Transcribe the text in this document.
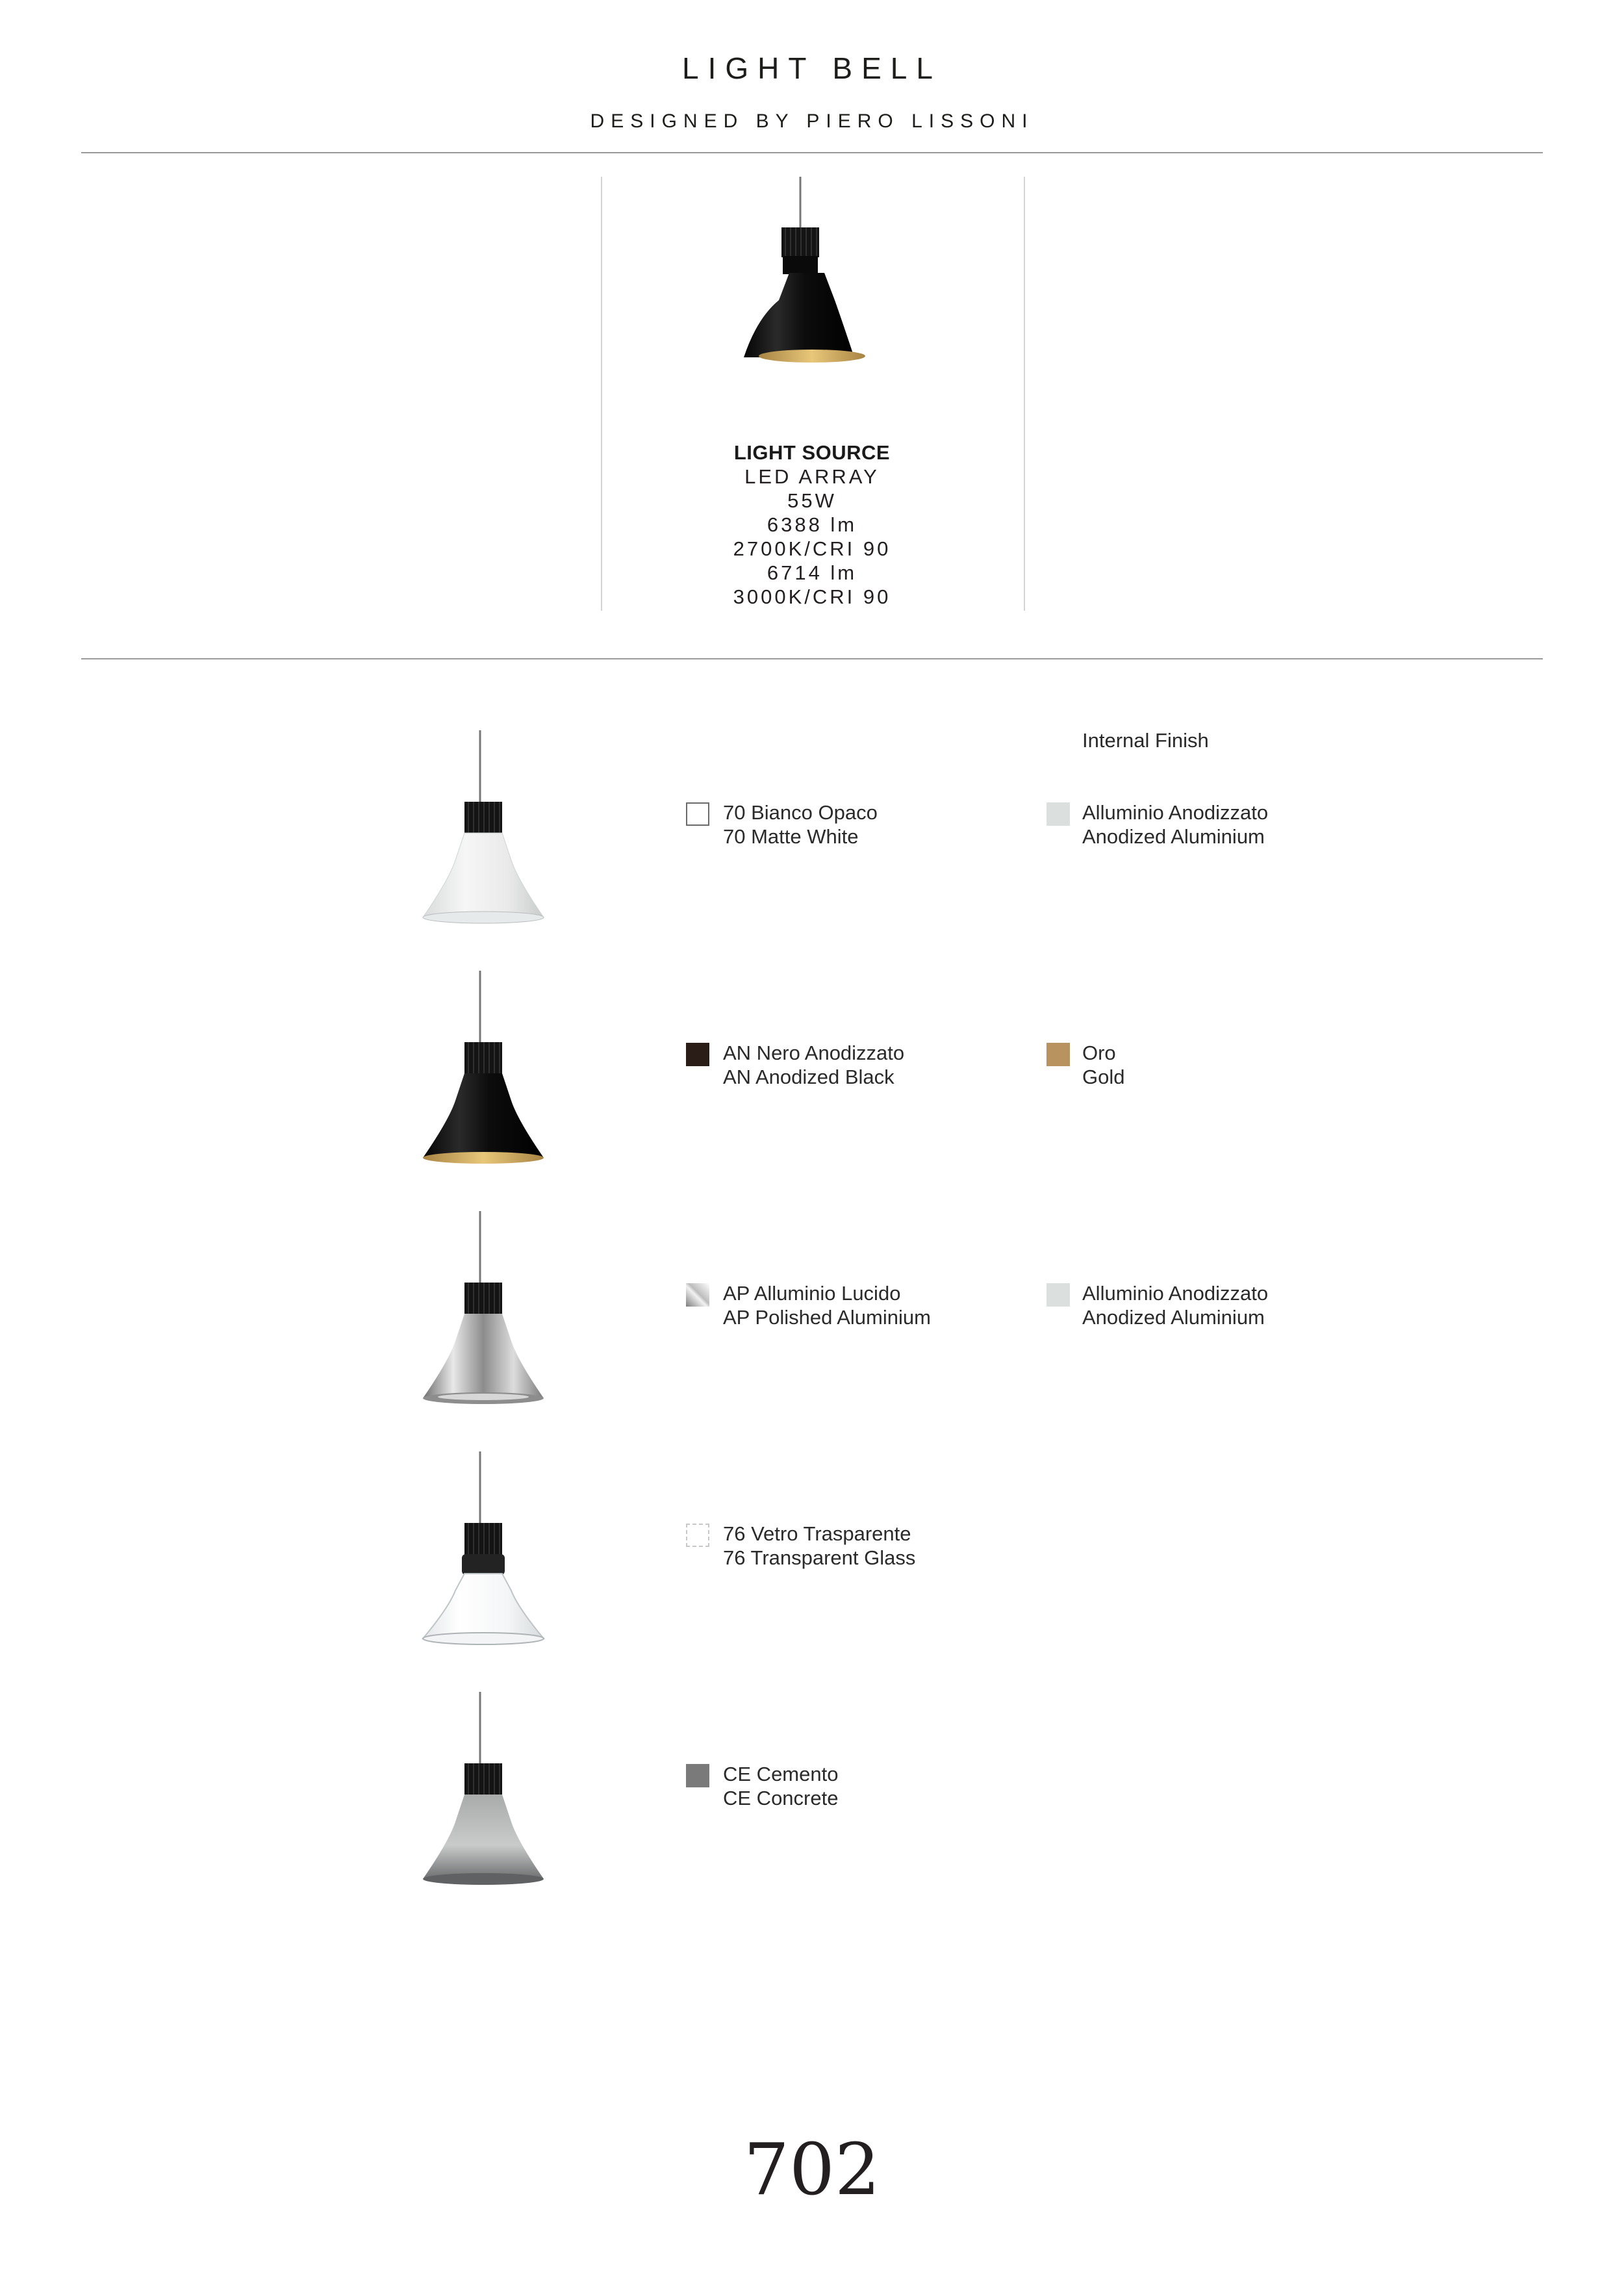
LIGHT BELL
DESIGNED BY PIERO LISSONI
LIGHT SOURCE
LED ARRAY
55W
6388 lm
2700K/CRI 90
6714 lm
3000K/CRI 90
Internal Finish
70 Bianco Opaco
70 Matte White
Alluminio Anodizzato
Anodized Aluminium
AN Nero Anodizzato
AN Anodized Black
Oro
Gold
AP Alluminio Lucido
AP Polished Aluminium
Alluminio Anodizzato
Anodized Aluminium
76 Vetro Trasparente
76 Transparent Glass
CE Cemento
CE Concrete
702
